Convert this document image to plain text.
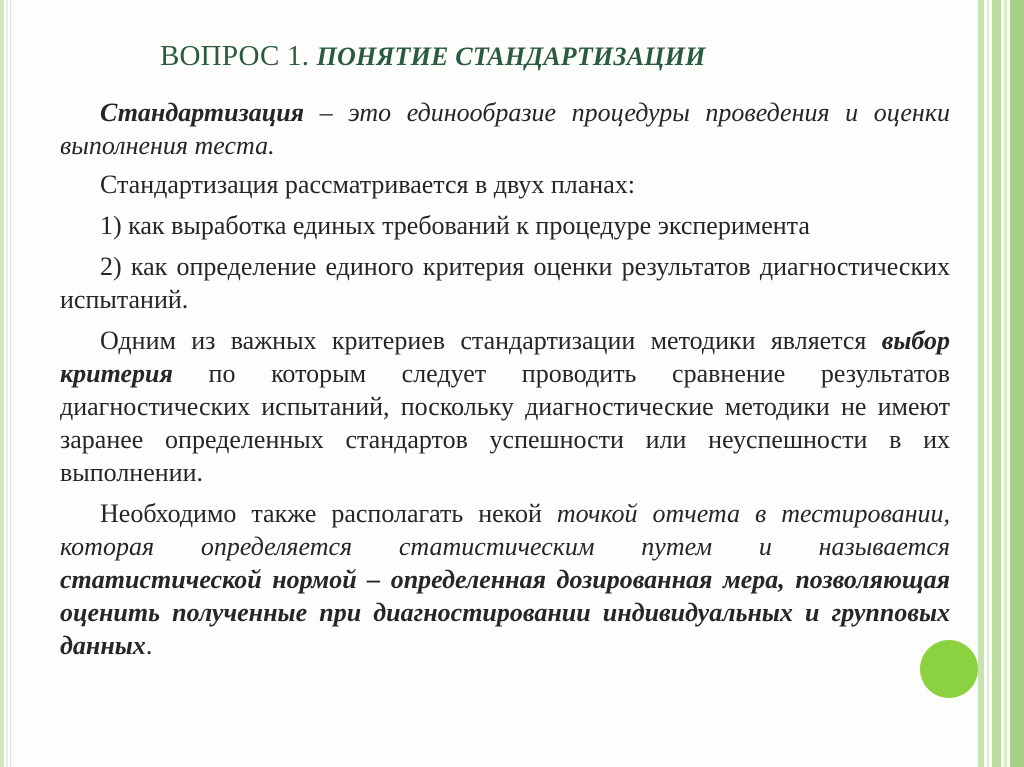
ВОПРОС 1. ПОНЯТИЕ СТАНДАРТИЗАЦИИ

Стандартизация – это единообразие процедуры проведения и оценки выполнения теста.

Стандартизация рассматривается в двух планах:

1) как выработка единых требований к процедуре эксперимента

2) как определение единого критерия оценки результатов диагностических испытаний.

Одним из важных критериев стандартизации методики является выбор критерия по которым следует проводить сравнение результатов диагностических испытаний, поскольку диагностические методики не имеют заранее определенных стандартов успешности или неуспешности в их выполнении.

Необходимо также располагать некой точкой отчета в тестировании, которая определяется статистическим путем и называется статистической нормой – определенная дозированная мера, позволяющая оценить полученные при диагностировании индивидуальных и групповых данных.
